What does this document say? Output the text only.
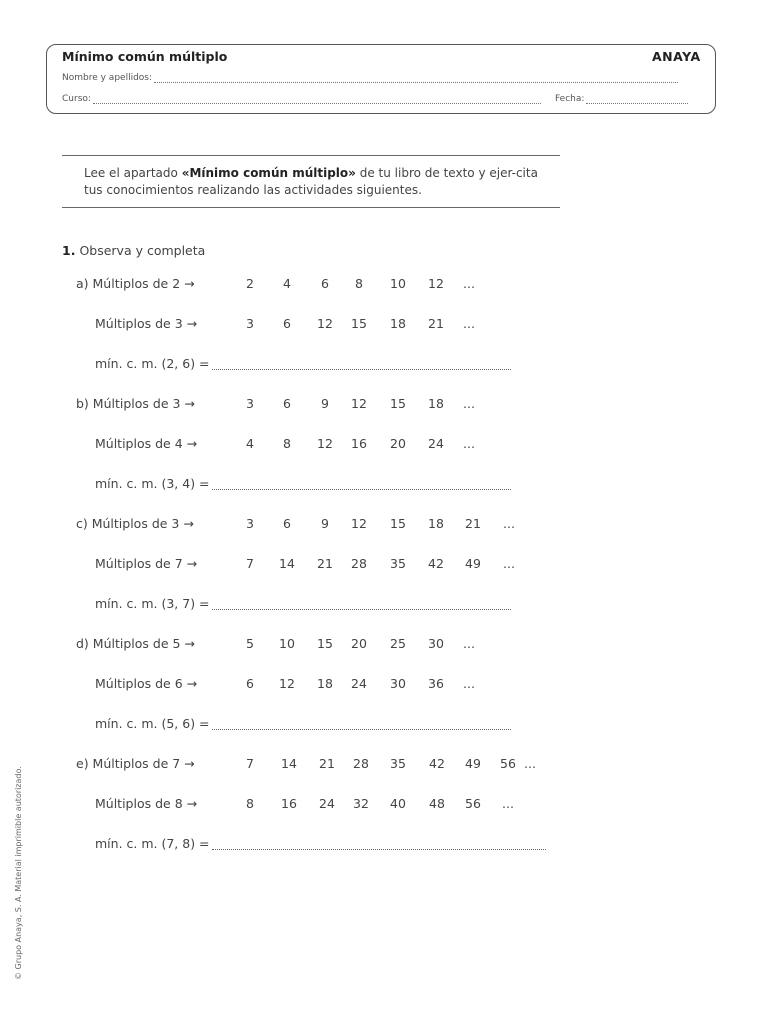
Mínimo común múltiplo	ANAYA
Nombre y apellidos:
Curso:	Fecha:
Lee el apartado «Mínimo común múltiplo» de tu libro de texto y ejer-cita tus conocimientos realizando las actividades siguientes.
1. Observa y completa
a) Múltiplos de 2 →	2	4	6	8	10	12	...
Múltiplos de 3 →	3	6	12	15	18	21	...
mín. c. m. (2, 6) =
b) Múltiplos de 3 →	3	6	9	12	15	18	...
Múltiplos de 4 →	4	8	12	16	20	24	...
mín. c. m. (3, 4) =
c) Múltiplos de 3 →	3	6	9	12	15	18	21	...
Múltiplos de 7 →	7	14	21	28	35	42	49	...
mín. c. m. (3, 7) =
d) Múltiplos de 5 →	5	10	15	20	25	30	...
Múltiplos de 6 →	6	12	18	24	30	36	...
mín. c. m. (5, 6) =
e) Múltiplos de 7 →	7	14	21	28	35	42	49	56 ...
Múltiplos de 8 →	8	16	24	32	40	48	56	...
mín. c. m. (7, 8) =
© Grupo Anaya, S. A. Material imprimible autorizado.
